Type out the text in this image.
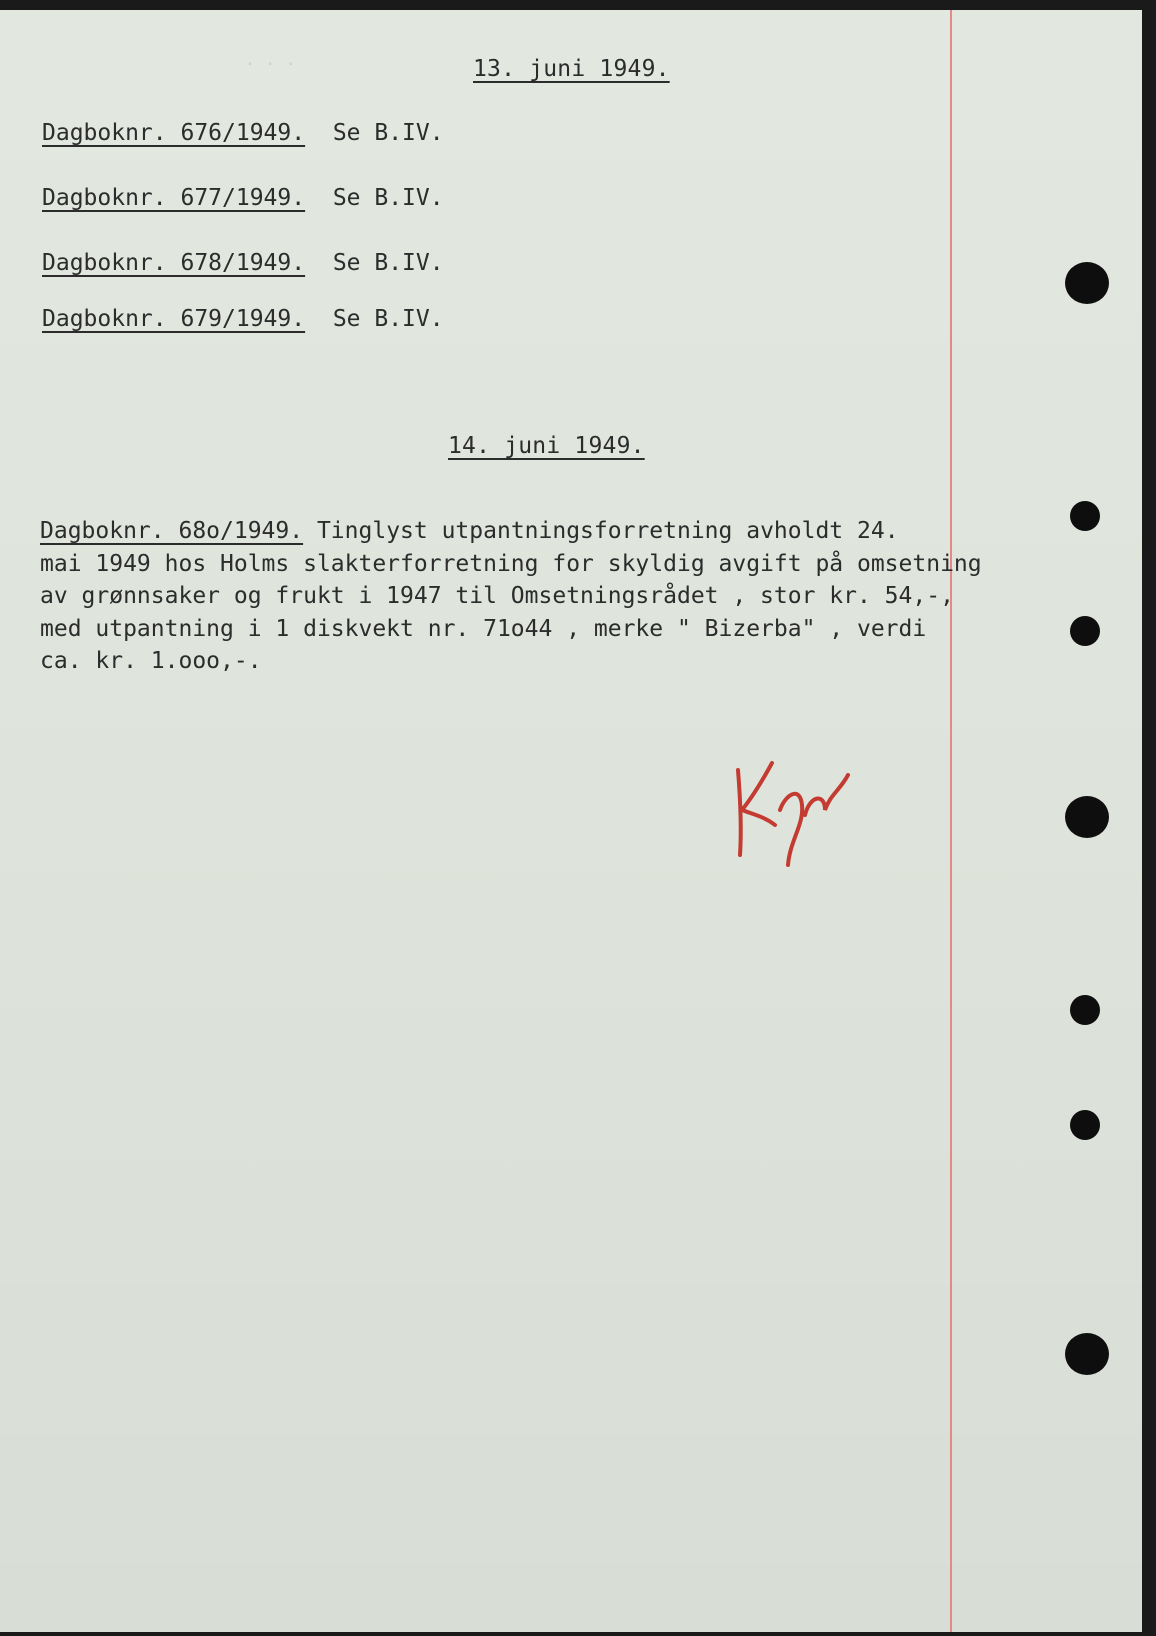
. . .	13. juni 1949.
Dagboknr. 676/1949. Se B.IV.
Dagboknr. 677/1949. Se B.IV.
Dagboknr. 678/1949. Se B.IV.
Dagboknr. 679/1949. Se B.IV.
14. juni 1949.
Dagboknr. 68o/1949. Tinglyst utpantningsforretning avholdt 24.
mai 1949 hos Holms slakterforretning for skyldig avgift på omsetning
av grønnsaker og frukt i 1947 til Omsetningsrådet , stor kr. 54,-,
med utpantning i 1 diskvekt nr. 71o44 , merke " Bizerba" , verdi
ca. kr. 1.ooo,-.
